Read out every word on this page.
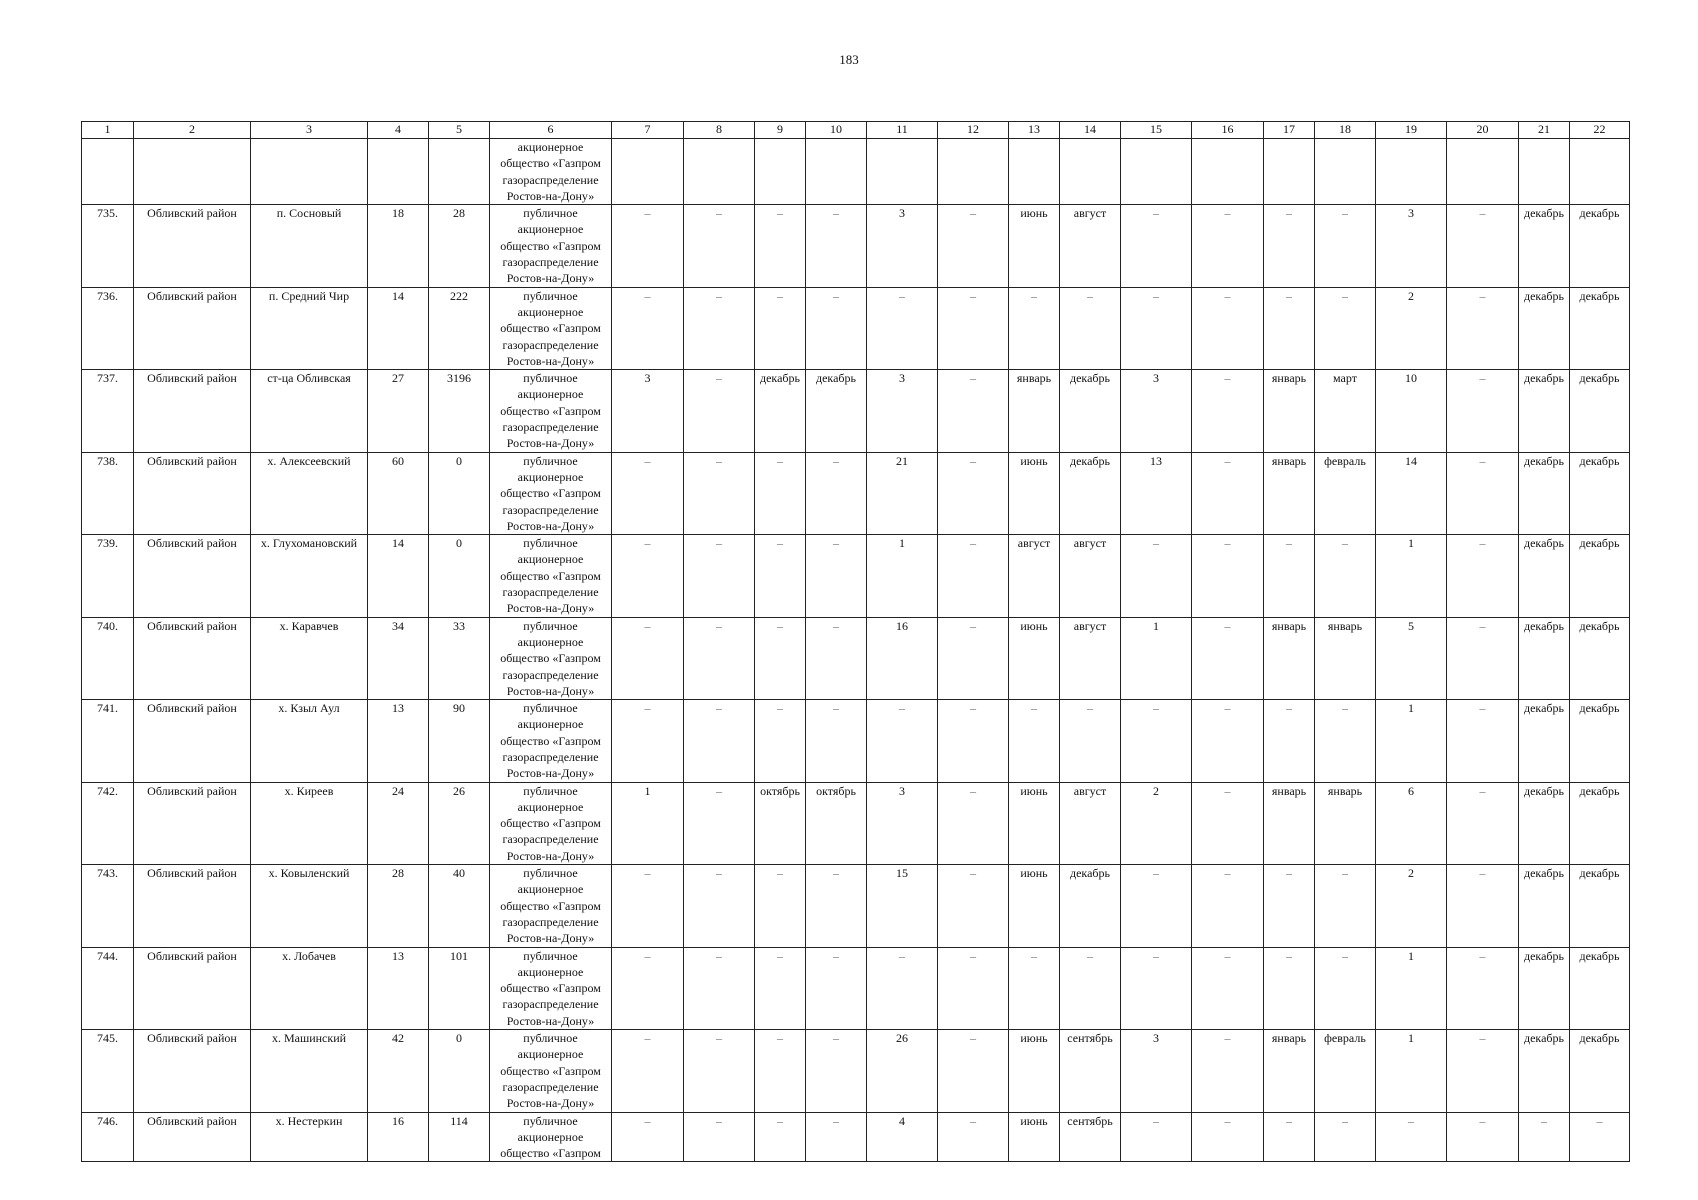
183
1	2	3	4	5	6	7	8	9	10	11	12	13	14	15	16	17	18	19	20	21	22

					акционерное
общество «Газпром
газораспределение
Ростов-на-Дону»																

735.	Обливский район	п. Сосновый	18	28	публичное
акционерное
общество «Газпром
газораспределение
Ростов-на-Дону»	–	–	–	–	3	–	июнь	август	–	–	–	–	3	–	декабрь	декабрь
736.	Обливский район	п. Средний Чир	14	222	публичное
акционерное
общество «Газпром
газораспределение
Ростов-на-Дону»	–	–	–	–	–	–	–	–	–	–	–	–	2	–	декабрь	декабрь
737.	Обливский район	ст-ца Обливская	27	3196	публичное
акционерное
общество «Газпром
газораспределение
Ростов-на-Дону»	3	–	декабрь	декабрь	3	–	январь	декабрь	3	–	январь	март	10	–	декабрь	декабрь
738.	Обливский район	х. Алексеевский	60	0	публичное
акционерное
общество «Газпром
газораспределение
Ростов-на-Дону»	–	–	–	–	21	–	июнь	декабрь	13	–	январь	февраль	14	–	декабрь	декабрь
739.	Обливский район	х. Глухомановский	14	0	публичное
акционерное
общество «Газпром
газораспределение
Ростов-на-Дону»	–	–	–	–	1	–	август	август	–	–	–	–	1	–	декабрь	декабрь
740.	Обливский район	х. Каравчев	34	33	публичное
акционерное
общество «Газпром
газораспределение
Ростов-на-Дону»	–	–	–	–	16	–	июнь	август	1	–	январь	январь	5	–	декабрь	декабрь
741.	Обливский район	х. Кзыл Аул	13	90	публичное
акционерное
общество «Газпром
газораспределение
Ростов-на-Дону»	–	–	–	–	–	–	–	–	–	–	–	–	1	–	декабрь	декабрь
742.	Обливский район	х. Киреев	24	26	публичное
акционерное
общество «Газпром
газораспределение
Ростов-на-Дону»	1	–	октябрь	октябрь	3	–	июнь	август	2	–	январь	январь	6	–	декабрь	декабрь
743.	Обливский район	х. Ковыленский	28	40	публичное
акционерное
общество «Газпром
газораспределение
Ростов-на-Дону»	–	–	–	–	15	–	июнь	декабрь	–	–	–	–	2	–	декабрь	декабрь
744.	Обливский район	х. Лобачев	13	101	публичное
акционерное
общество «Газпром
газораспределение
Ростов-на-Дону»	–	–	–	–	–	–	–	–	–	–	–	–	1	–	декабрь	декабрь
745.	Обливский район	х. Машинский	42	0	публичное
акционерное
общество «Газпром
газораспределение
Ростов-на-Дону»	–	–	–	–	26	–	июнь	сентябрь	3	–	январь	февраль	1	–	декабрь	декабрь
746.	Обливский район	х. Нестеркин	16	114	публичное
акционерное
общество «Газпром	–	–	–	–	4	–	июнь	сентябрь	–	–	–	–	–	–	–	–
